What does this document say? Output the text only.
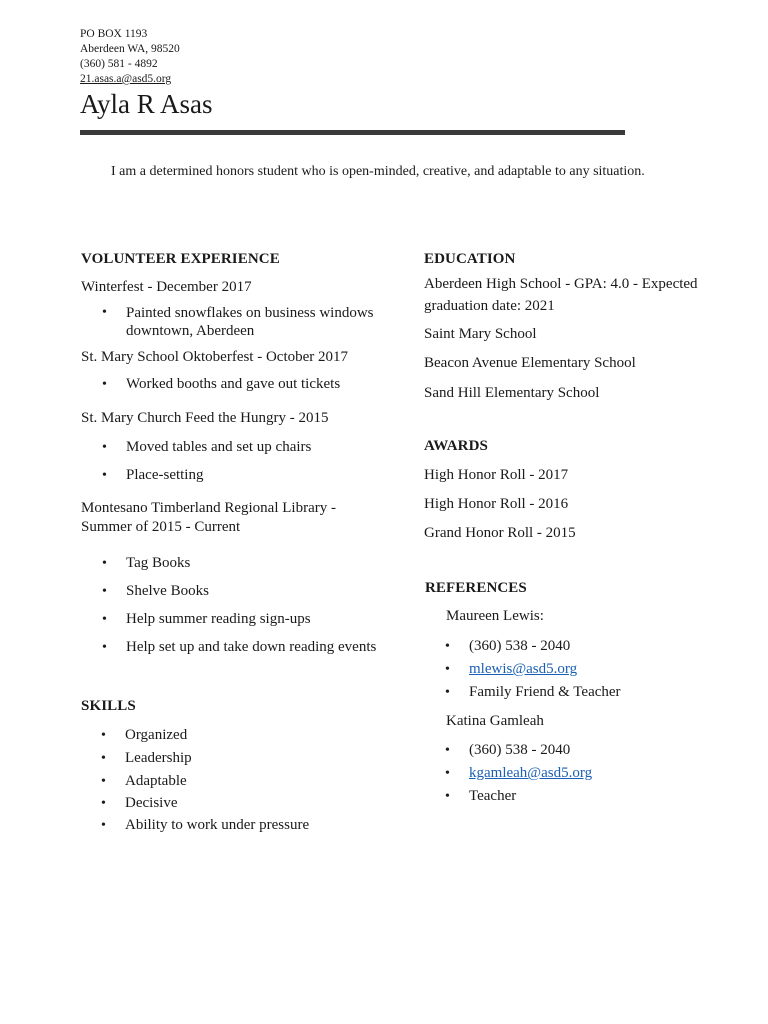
PO BOX 1193
Aberdeen WA, 98520
(360) 581 - 4892
21.asas.a@asd5.org
Ayla R Asas
I am a determined honors student who is open-minded, creative, and adaptable to any situation.
VOLUNTEER EXPERIENCE
Winterfest - December 2017
• Painted snowflakes on business windows downtown, Aberdeen
St. Mary School Oktoberfest - October 2017
• Worked booths and gave out tickets
St. Mary Church Feed the Hungry - 2015
• Moved tables and set up chairs
• Place-setting
Montesano Timberland Regional Library - Summer of 2015 - Current
• Tag Books
• Shelve Books
• Help summer reading sign-ups
• Help set up and take down reading events
SKILLS
• Organized
• Leadership
• Adaptable
• Decisive
• Ability to work under pressure
EDUCATION
Aberdeen High School - GPA: 4.0 - Expected graduation date: 2021
Saint Mary School
Beacon Avenue Elementary School
Sand Hill Elementary School
AWARDS
High Honor Roll - 2017
High Honor Roll - 2016
Grand Honor Roll - 2015
REFERENCES
Maureen Lewis:
• (360) 538 - 2040
• mlewis@asd5.org
• Family Friend & Teacher
Katina Gamleah
• (360) 538 - 2040
• kgamleah@asd5.org
• Teacher
